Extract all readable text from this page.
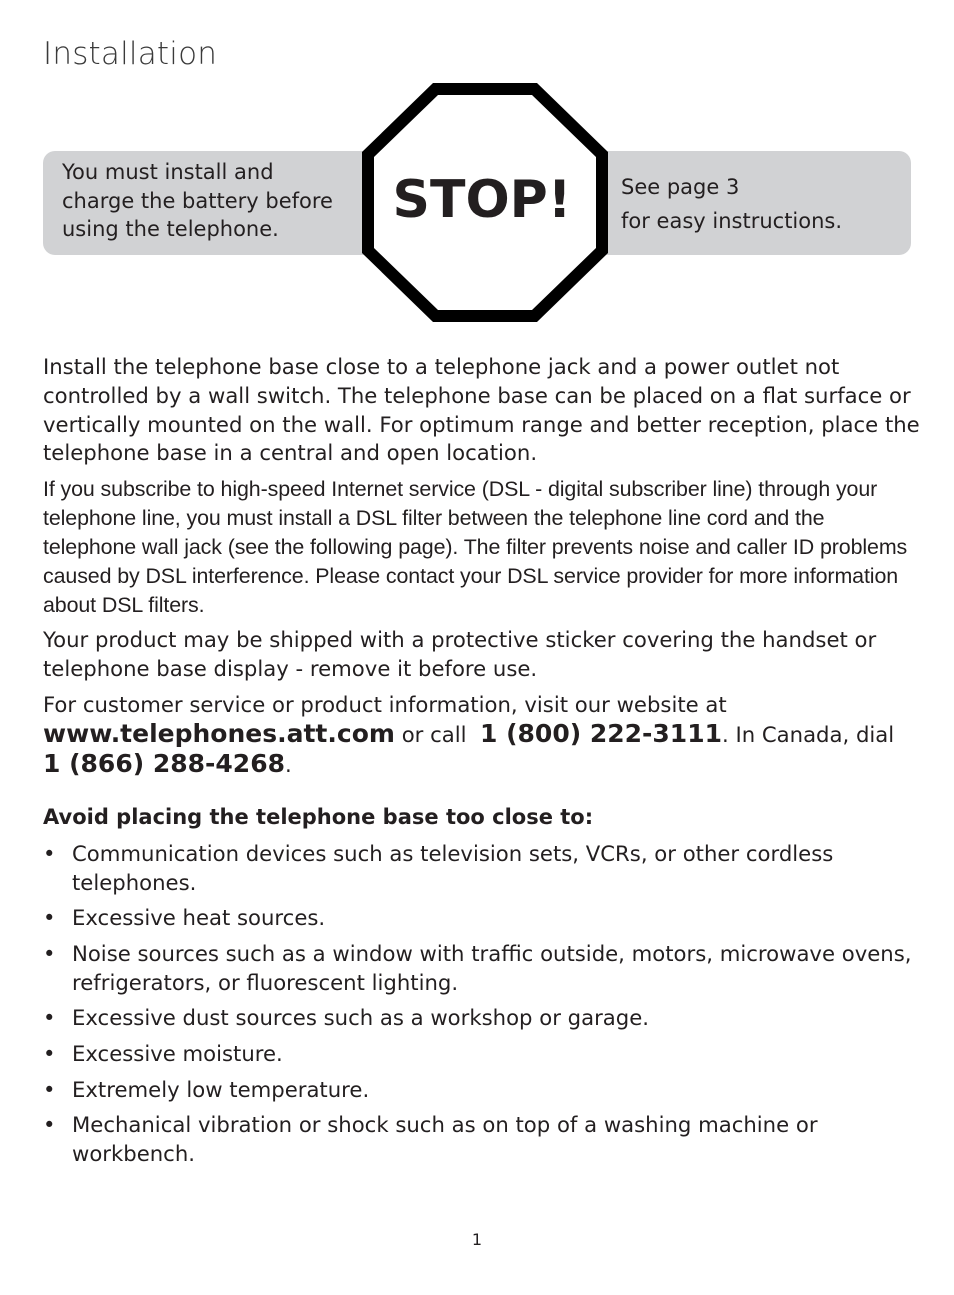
Installation
You must install and
charge the battery before
using the telephone.
See page 3
for easy instructions.
STOP!

Install the telephone base close to a telephone jack and a power outlet not controlled by a wall switch. The telephone base can be placed on a flat surface or vertically mounted on the wall. For optimum range and better reception, place the telephone base in a central and open location.

If you subscribe to high-speed Internet service (DSL - digital subscriber line) through your telephone line, you must install a DSL filter between the telephone line cord and the telephone wall jack (see the following page). The filter prevents noise and caller ID problems caused by DSL interference. Please contact your DSL service provider for more information about DSL filters.

Your product may be shipped with a protective sticker covering the handset or telephone base display - remove it before use.

For customer service or product information, visit our website at
www.telephones.att.com or call 1 (800) 222-3111. In Canada, dial
1 (866) 288-4268.

Avoid placing the telephone base too close to:
• Communication devices such as television sets, VCRs, or other cordless telephones.
• Excessive heat sources.
• Noise sources such as a window with traffic outside, motors, microwave ovens, refrigerators, or fluorescent lighting.
• Excessive dust sources such as a workshop or garage.
• Excessive moisture.
• Extremely low temperature.
• Mechanical vibration or shock such as on top of a washing machine or workbench.
1
